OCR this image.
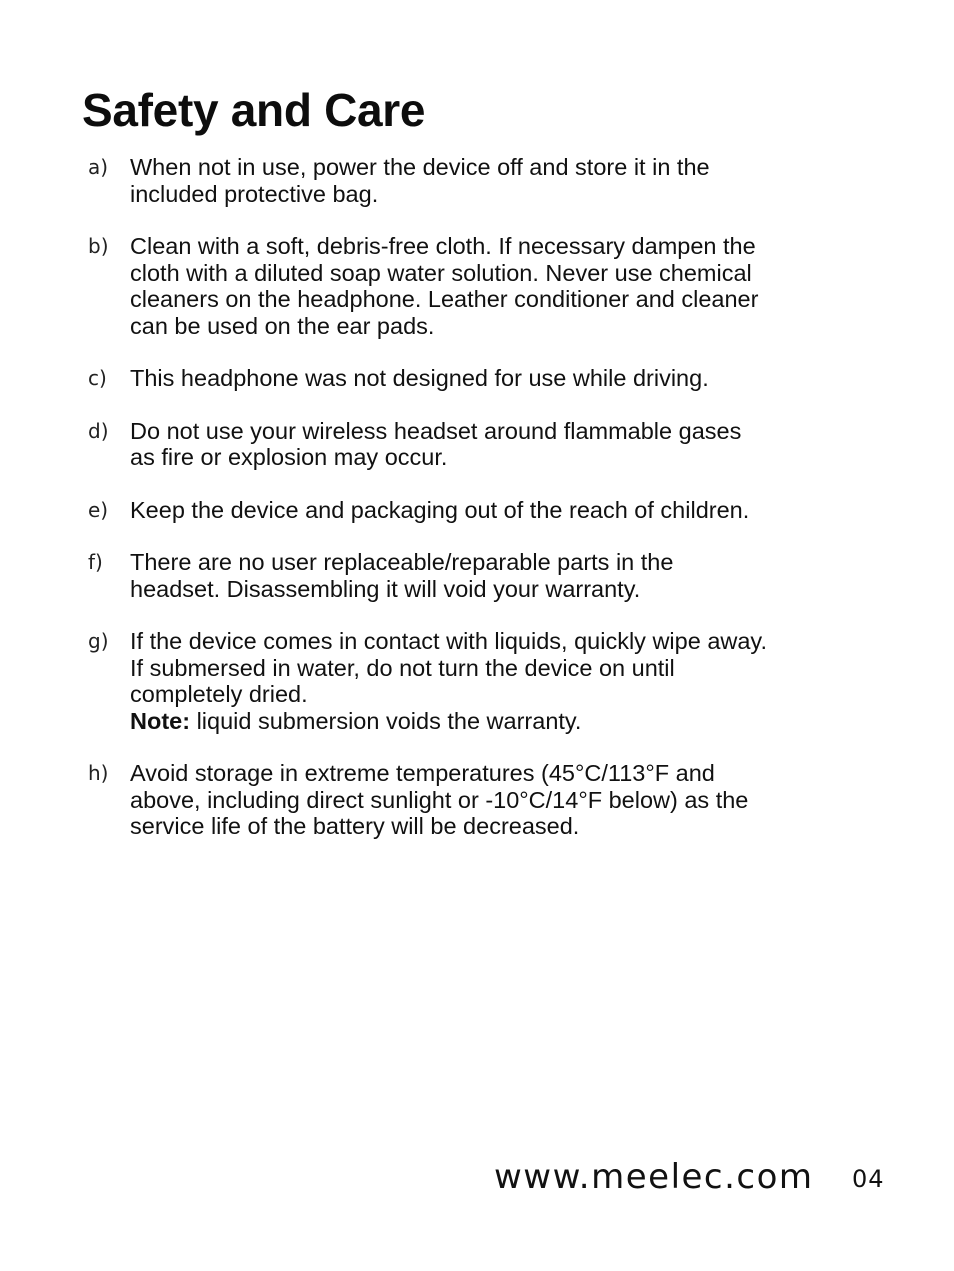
Safety and Care
a) When not in use, power the device off and store it in the
included protective bag.
b) Clean with a soft, debris-free cloth. If necessary dampen the
cloth with a diluted soap water solution. Never use chemical
cleaners on the headphone. Leather conditioner and cleaner
can be used on the ear pads.
c) This headphone was not designed for use while driving.
d) Do not use your wireless headset around flammable gases
as fire or explosion may occur.
e) Keep the device and packaging out of the reach of children.
f) There are no user replaceable/reparable parts in the
headset. Disassembling it will void your warranty.
g) If the device comes in contact with liquids, quickly wipe away.
If submersed in water, do not turn the device on until
completely dried.
Note: liquid submersion voids the warranty.
h) Avoid storage in extreme temperatures (45°C/113°F and
above, including direct sunlight or -10°C/14°F below) as the
service life of the battery will be decreased.
www.meelec.com 04
